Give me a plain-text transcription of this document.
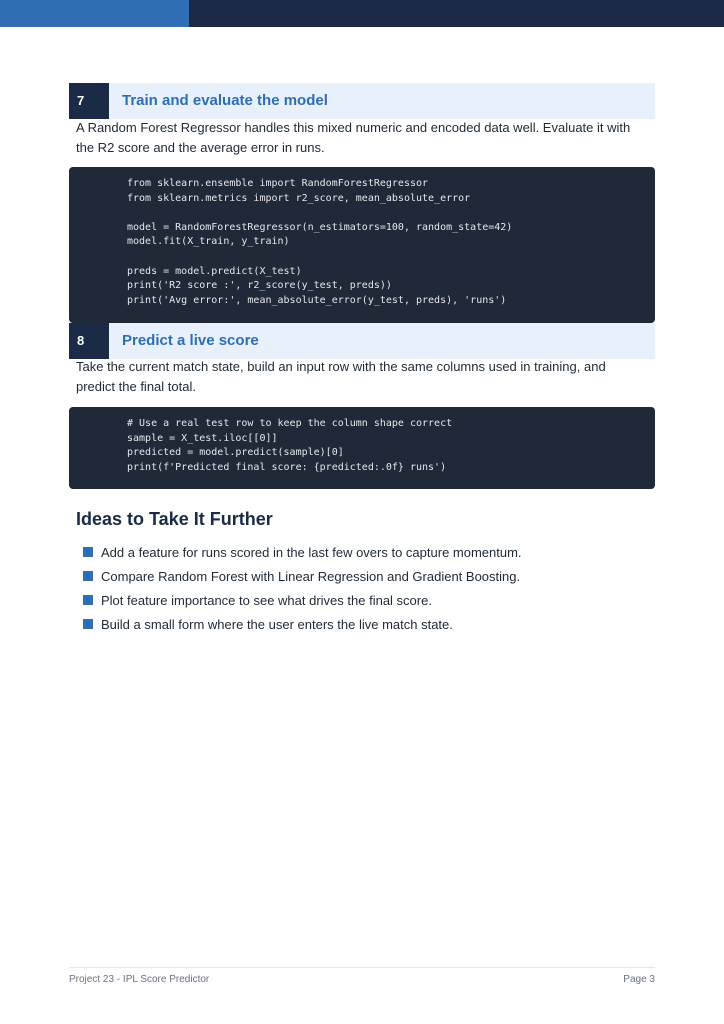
7	Train and evaluate the model
A Random Forest Regressor handles this mixed numeric and encoded data well. Evaluate it with the R2 score and the average error in runs.
from sklearn.ensemble import RandomForestRegressor
from sklearn.metrics import r2_score, mean_absolute_error
model = RandomForestRegressor(n_estimators=100, random_state=42)
model.fit(X_train, y_train)
preds = model.predict(X_test)
print('R2 score :', r2_score(y_test, preds))
print('Avg error:', mean_absolute_error(y_test, preds), 'runs')
8	Predict a live score
Take the current match state, build an input row with the same columns used in training, and predict the final total.
# Use a real test row to keep the column shape correct
sample = X_test.iloc[[0]]
predicted = model.predict(sample)[0]
print(f'Predicted final score: {predicted:.0f} runs')
Ideas to Take It Further
Add a feature for runs scored in the last few overs to capture momentum.
Compare Random Forest with Linear Regression and Gradient Boosting.
Plot feature importance to see what drives the final score.
Build a small form where the user enters the live match state.
Project 23 - IPL Score Predictor	Page 3
